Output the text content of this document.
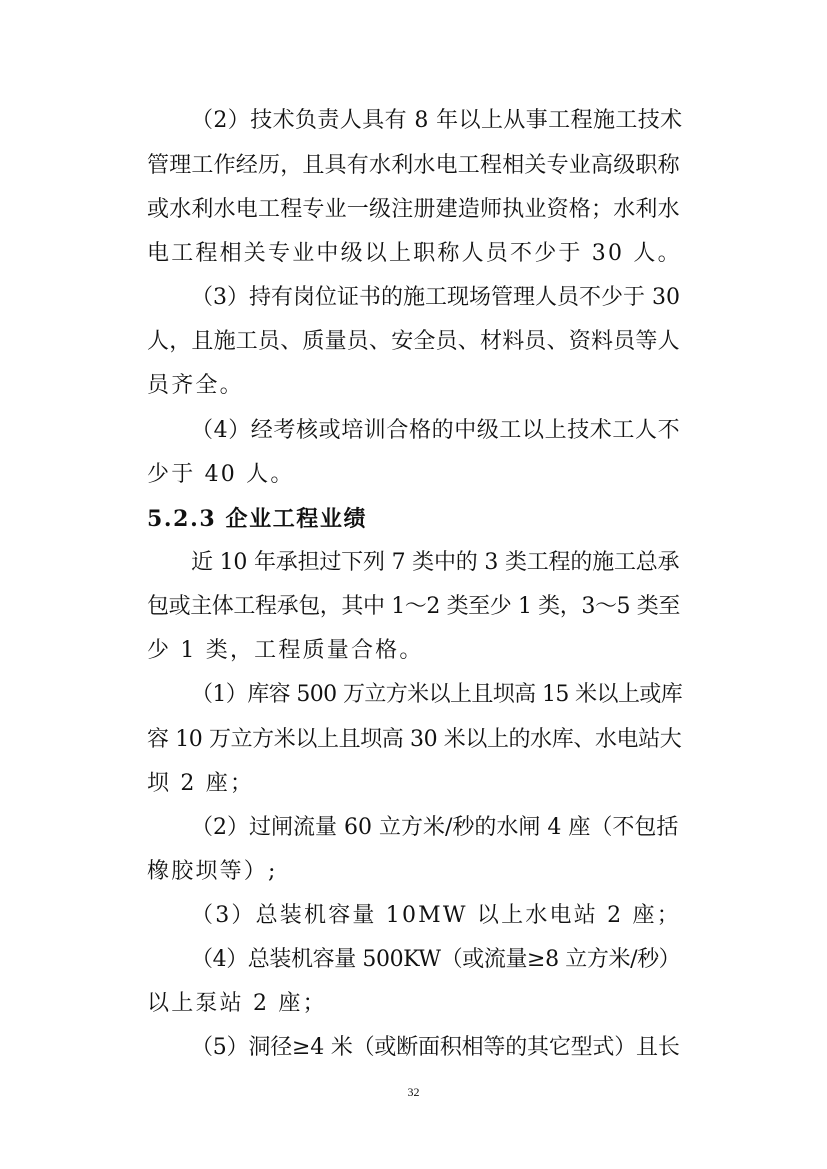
（2）技术负责人具有 8 年以上从事工程施工技术
管理工作经历，且具有水利水电工程相关专业高级职称
或水利水电工程专业一级注册建造师执业资格；水利水
电工程相关专业中级以上职称人员不少于 30 人。
（3）持有岗位证书的施工现场管理人员不少于 30
人，且施工员、质量员、安全员、材料员、资料员等人
员齐全。
（4）经考核或培训合格的中级工以上技术工人不
少于 40 人。
5.2.3 企业工程业绩
近 10 年承担过下列 7 类中的 3 类工程的施工总承
包或主体工程承包，其中 1～2 类至少 1 类，3～5 类至
少 1 类，工程质量合格。
（1）库容 500 万立方米以上且坝高 15 米以上或库
容 10 万立方米以上且坝高 30 米以上的水库、水电站大
坝 2 座；
（2）过闸流量 60 立方米/秒的水闸 4 座（不包括
橡胶坝等）;
（3）总装机容量 10MW 以上水电站 2 座；
（4）总装机容量 500KW（或流量≥8 立方米/秒）
以上泵站 2 座；
（5）洞径≥4 米（或断面积相等的其它型式）且长
32
